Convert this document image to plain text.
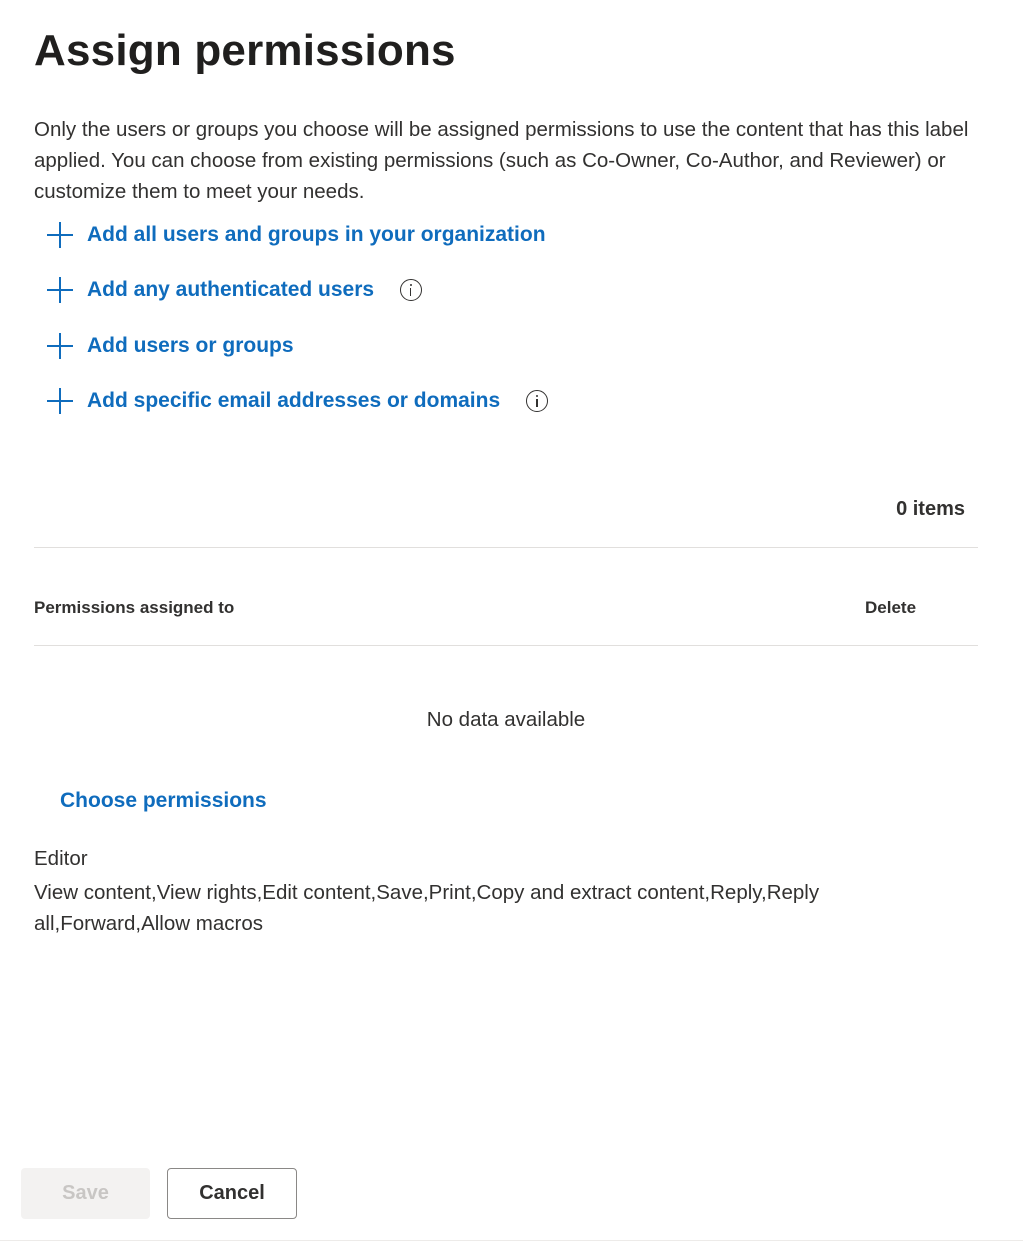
Assign permissions

Only the users or groups you choose will be assigned permissions to use the content that has this label applied. You can choose from existing permissions (such as Co-Owner, Co-Author, and Reviewer) or customize them to meet your needs.

Add all users and groups in your organization
Add any authenticated users
Add users or groups
Add specific email addresses or domains
0 items
Permissions assigned to	Delete
No data available
Choose permissions
Editor
View content,View rights,Edit content,Save,Print,Copy and extract content,Reply,Reply all,Forward,Allow macros
Save	Cancel
